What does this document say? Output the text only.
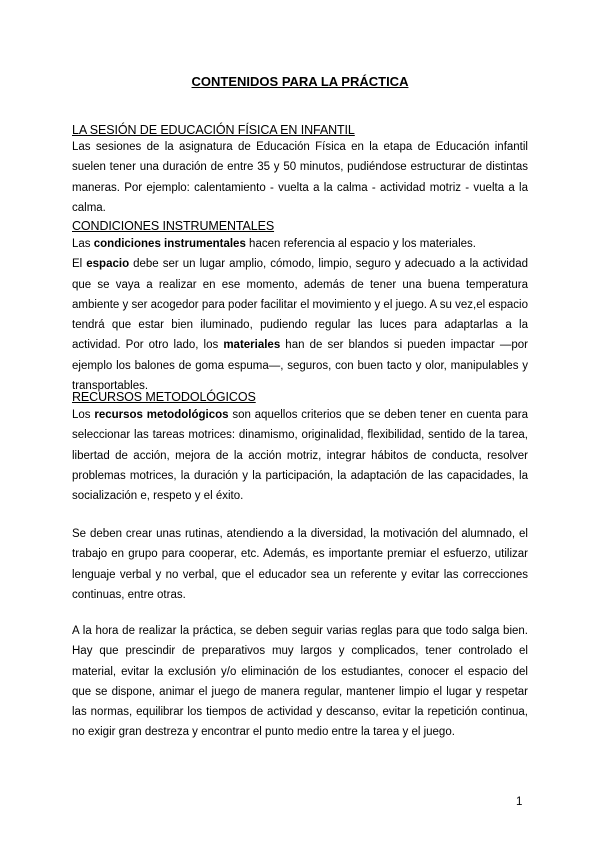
CONTENIDOS PARA LA PRÁCTICA
LA SESIÓN DE EDUCACIÓN FÍSICA EN INFANTIL

Las sesiones de la asignatura de Educación Física en la etapa de Educación infantil suelen tener una duración de entre 35 y 50 minutos, pudiéndose estructurar de distintas maneras. Por ejemplo: calentamiento - vuelta a la calma - actividad motriz - vuelta a la calma.

CONDICIONES INSTRUMENTALES

Las condiciones instrumentales hacen referencia al espacio y los materiales.

El espacio debe ser un lugar amplio, cómodo, limpio, seguro y adecuado a la actividad que se vaya a realizar en ese momento, además de tener una buena temperatura ambiente y ser acogedor para poder facilitar el movimiento y el juego. A su vez,el espacio tendrá que estar bien iluminado, pudiendo regular las luces para adaptarlas a la actividad. Por otro lado, los materiales han de ser blandos si pueden impactar —por ejemplo los balones de goma espuma—, seguros, con buen tacto y olor, manipulables y transportables.

RECURSOS METODOLÓGICOS

Los recursos metodológicos son aquellos criterios que se deben tener en cuenta para seleccionar las tareas motrices: dinamismo, originalidad, flexibilidad, sentido de la tarea, libertad de acción, mejora de la acción motriz, integrar hábitos de conducta, resolver problemas motrices, la duración y la participación, la adaptación de las capacidades, la socialización e, respeto y el éxito.

Se deben crear unas rutinas, atendiendo a la diversidad, la motivación del alumnado, el trabajo en grupo para cooperar, etc. Además, es importante premiar el esfuerzo, utilizar lenguaje verbal y no verbal, que el educador sea un referente y evitar las correcciones continuas, entre otras.

A la hora de realizar la práctica, se deben seguir varias reglas para que todo salga bien. Hay que prescindir de preparativos muy largos y complicados, tener controlado el material, evitar la exclusión y/o eliminación de los estudiantes, conocer el espacio del que se dispone, animar el juego de manera regular, mantener limpio el lugar y respetar las normas, equilibrar los tiempos de actividad y descanso, evitar la repetición continua, no exigir gran destreza y encontrar el punto medio entre la tarea y el juego.

1
